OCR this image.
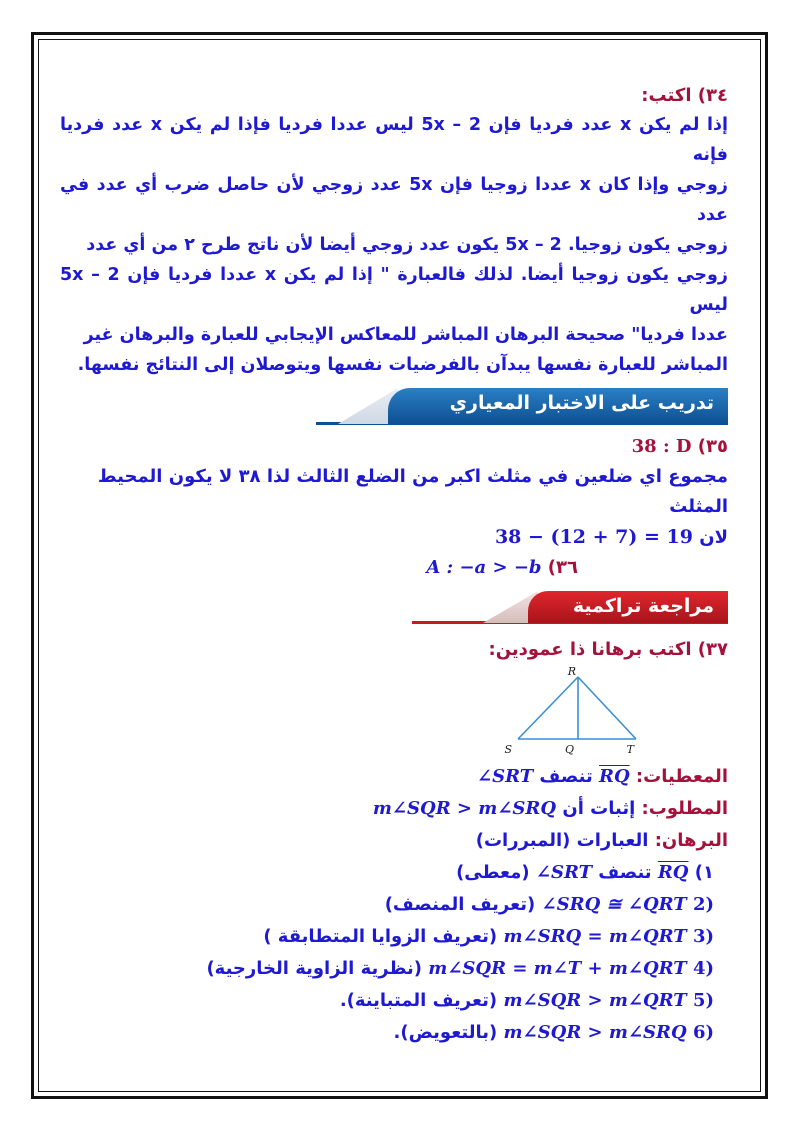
٣٤) اكتب:
إذا لم يكن x عدد فرديا فإن 2 – 5x ليس عددا فرديا فإذا لم يكن x عدد فرديا فإنه
زوجي وإذا كان x عددا زوجيا فإن 5x عدد زوجي لأن حاصل ضرب أي عدد في عدد
زوجي يكون زوجيا. 2 – 5x يكون عدد زوجي أيضا لأن ناتج طرح ٢ من أي عدد
زوجي يكون زوجيا أيضا. لذلك فالعبارة " إذا لم يكن x عددا فرديا فإن 2 – 5x ليس
عددا فرديا" صحيحة البرهان المباشر للمعاكس الإيجابي للعبارة والبرهان غير
المباشر للعبارة نفسها يبدآن بالفرضيات نفسها ويتوصلان إلى النتائج نفسها.
تدريب على الاختبار المعياري
٣٥) 38 : D
مجموع اي ضلعين في مثلث اكبر من الضلع الثالث لذا ٣٨ لا يكون المحيط المثلث
لان 38 − (12 + 7) = 19
٣٦) A : −a > −b
مراجعة تراكمية
٣٧) اكتب برهانا ذا عمودين:
R
S	Q	T
المعطيات: $\overline{RQ}$ تنصف ∠SRT
المطلوب: إثبات أن m∠SQR > m∠SRQ
البرهان: العبارات (المبررات)
١) $\overline{RQ}$ تنصف ∠SRT (معطى)
2) ∠SRQ ≅ ∠QRT (تعريف المنصف)
3) m∠SRQ = m∠QRT (تعريف الزوايا المتطابقة )
4) m∠SQR = m∠T + m∠QRT (نظرية الزاوية الخارجية)
5) m∠SQR > m∠QRT (تعريف المتباينة).
6) m∠SQR > m∠SRQ (بالتعويض).
